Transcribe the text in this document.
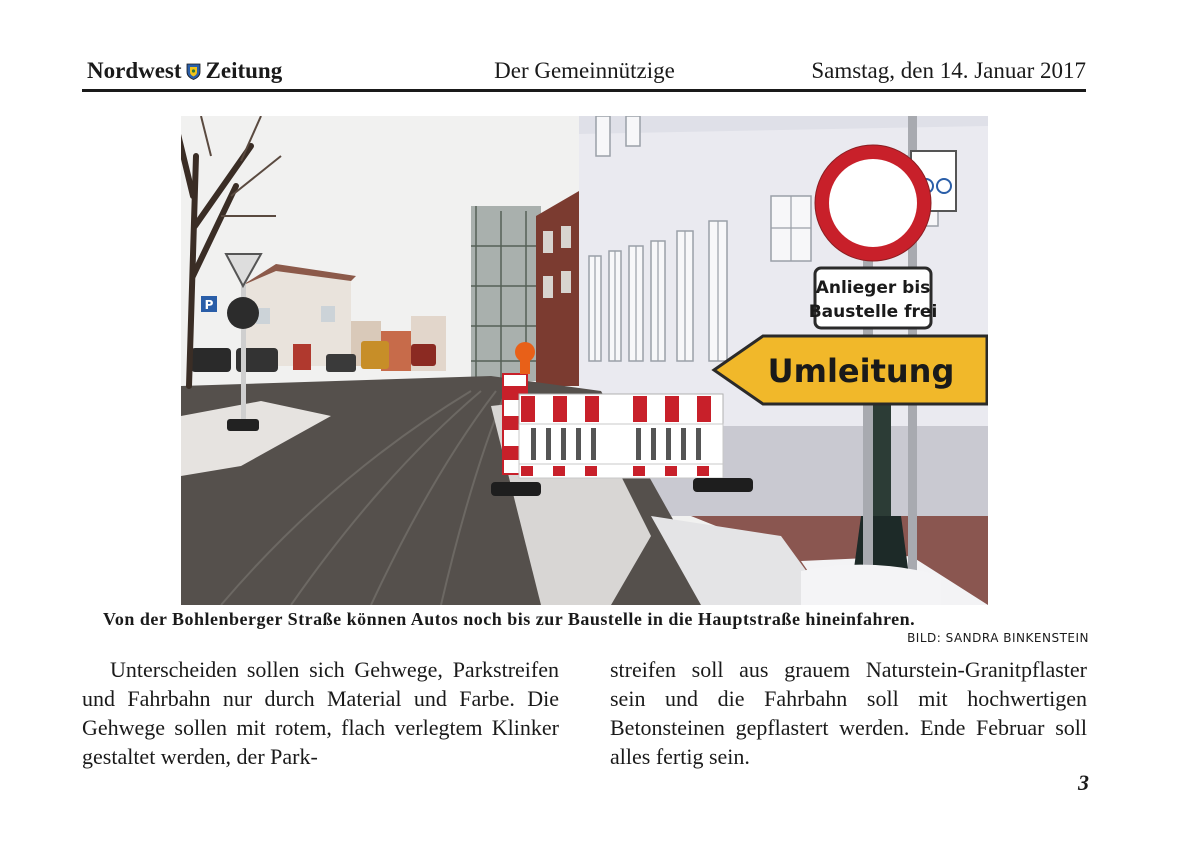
Nordwest Zeitung	Der Gemeinnützige	Samstag, den 14. Januar 2017
P
Anlieger bis
Baustelle frei
Umleitung
Von der Bohlenberger Straße können Autos noch bis zur Baustelle in die Hauptstraße hineinfahren.
BILD: SANDRA BINKENSTEIN

Unterscheiden sollen sich Gehwege, Parkstreifen und Fahrbahn nur durch Material und Farbe. Die Gehwege sollen mit rotem, flach verlegtem Klinker gestaltet werden, der Park-

streifen soll aus grauem Naturstein-Granitpflaster sein und die Fahrbahn soll mit hochwertigen Betonsteinen gepflastert werden. Ende Februar soll alles fertig sein.

3
